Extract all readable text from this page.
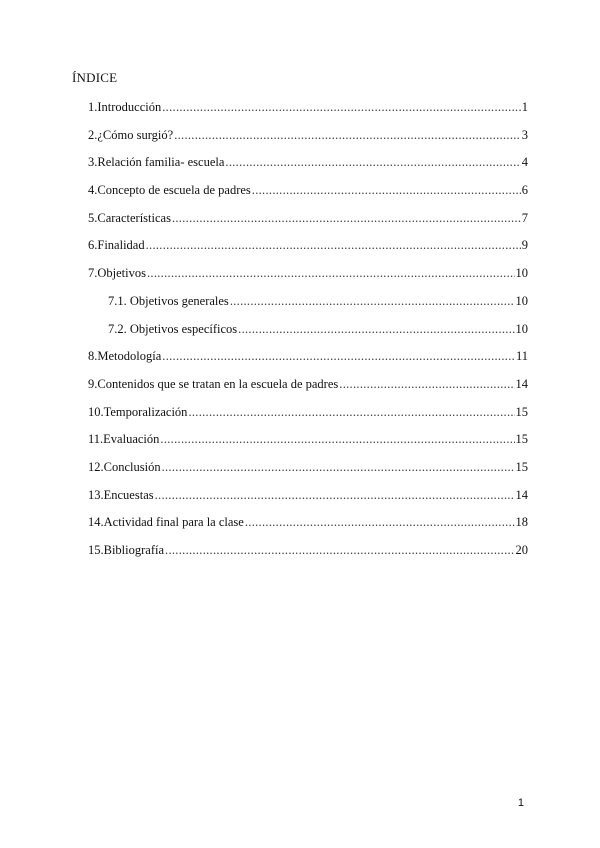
ÍNDICE
1. Introducción .....	1
2. ¿Cómo surgió? .....	3
3. Relación familia- escuela .....	4
4. Concepto de escuela de padres .....	6
5. Características .....	7
6. Finalidad .....	9
7. Objetivos .....	10
7.1. Objetivos generales .....	10
7.2. Objetivos específicos .....	10
8. Metodología .....	11
9. Contenidos que se tratan en la escuela de padres .....	14
10. Temporalización .....	15
11. Evaluación .....	15
12. Conclusión .....	15
13. Encuestas .....	14
14. Actividad final para la clase .....	18
15. Bibliografía .....	20
1
